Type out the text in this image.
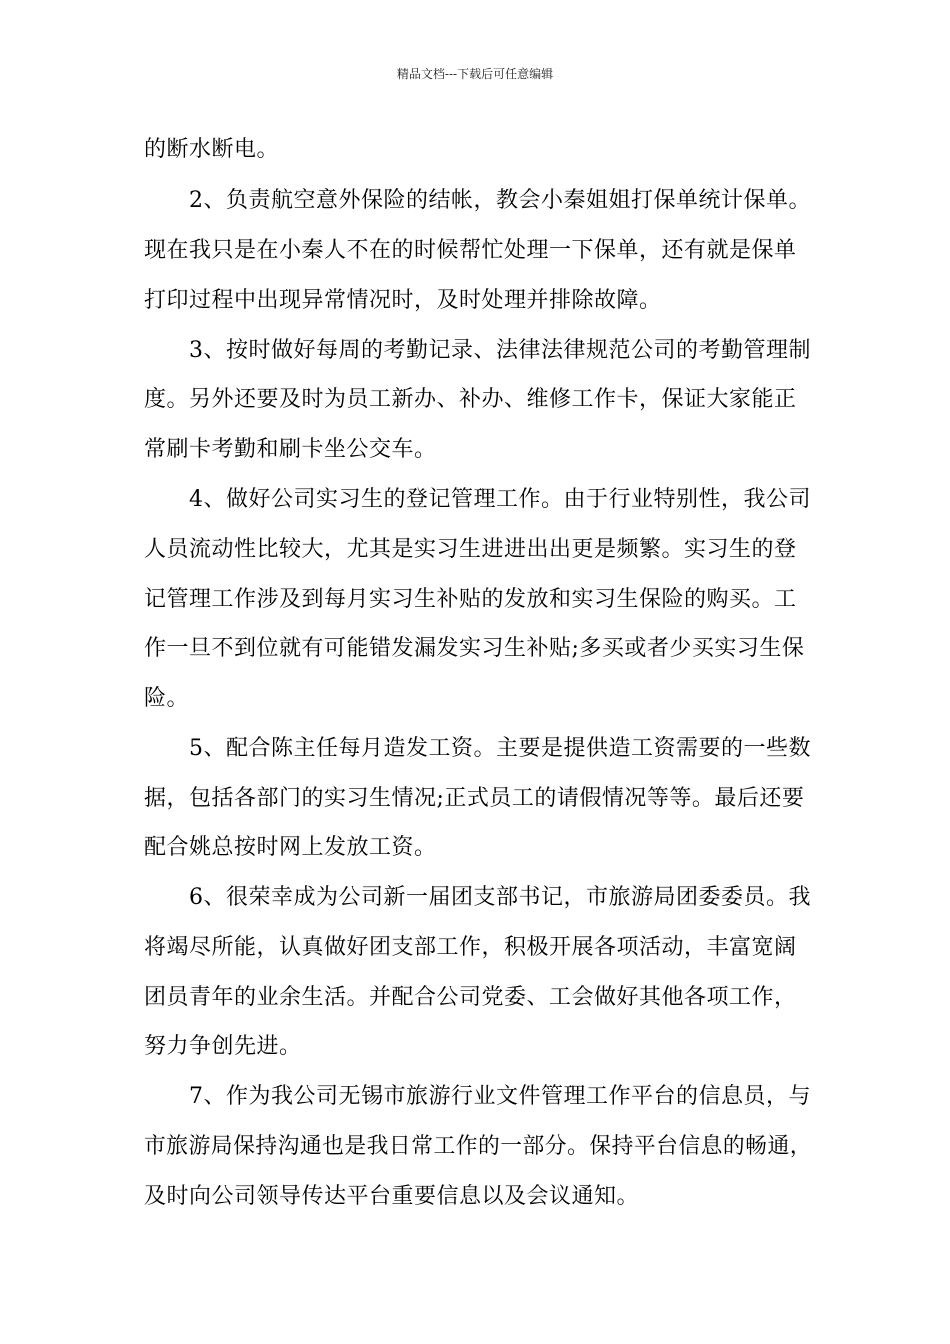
精品文档---下载后可任意编辑
的断水断电。
　　2、负责航空意外保险的结帐，教会小秦姐姐打保单统计保单。
现在我只是在小秦人不在的时候帮忙处理一下保单，还有就是保单
打印过程中出现异常情况时，及时处理并排除故障。
　　3、按时做好每周的考勤记录、法律法律规范公司的考勤管理制
度。另外还要及时为员工新办、补办、维修工作卡，保证大家能正
常刷卡考勤和刷卡坐公交车。
　　4、做好公司实习生的登记管理工作。由于行业特别性，我公司
人员流动性比较大，尤其是实习生进进出出更是频繁。实习生的登
记管理工作涉及到每月实习生补贴的发放和实习生保险的购买。工
作一旦不到位就有可能错发漏发实习生补贴;多买或者少买实习生保
险。
　　5、配合陈主任每月造发工资。主要是提供造工资需要的一些数
据，包括各部门的实习生情况;正式员工的请假情况等等。最后还要
配合姚总按时网上发放工资。
　　6、很荣幸成为公司新一届团支部书记，市旅游局团委委员。我
将竭尽所能，认真做好团支部工作，积极开展各项活动，丰富宽阔
团员青年的业余生活。并配合公司党委、工会做好其他各项工作，
努力争创先进。
　　7、作为我公司无锡市旅游行业文件管理工作平台的信息员，与
市旅游局保持沟通也是我日常工作的一部分。保持平台信息的畅通，
及时向公司领导传达平台重要信息以及会议通知。
